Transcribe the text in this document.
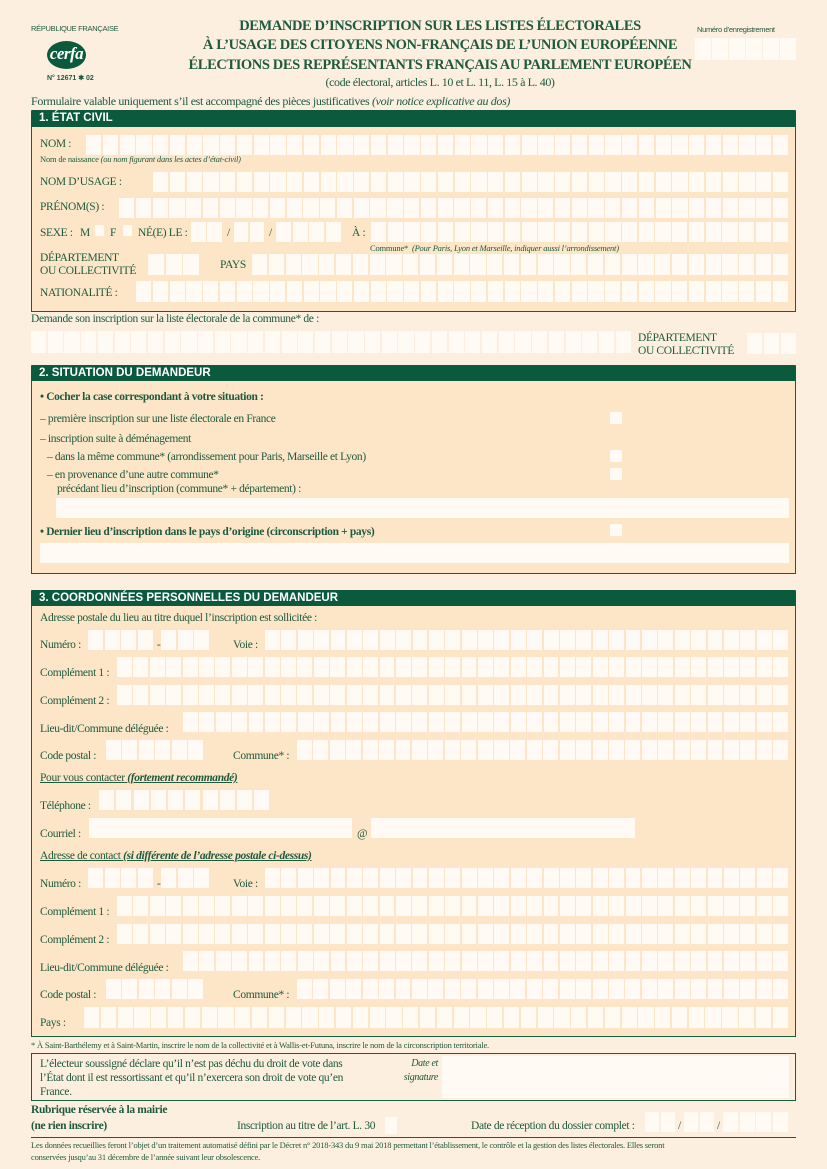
RÉPUBLIQUE FRANÇAISE
cerfa
N° 12671 ✱ 02
DEMANDE D’INSCRIPTION SUR LES LISTES ÉLECTORALES
À L’USAGE DES CITOYENS NON-FRANÇAIS DE L’UNION EUROPÉENNE
ÉLECTIONS DES REPRÉSENTANTS FRANÇAIS AU PARLEMENT EUROPÉEN
(code électoral, articles L. 10 et L. 11, L. 15 à L. 40)
Numéro d’enregistrement
Formulaire valable uniquement s’il est accompagné des pièces justificatives (voir notice explicative au dos)
1. ÉTAT CIVIL
NOM :
Nom de naissance (ou nom figurant dans les actes d’état-civil)
NOM D’USAGE :
PRÉNOM(S) :
SEXE : M F NÉ(E) LE :	/	/	À :
Commune* (Pour Paris, Lyon et Marseille, indiquer aussi l’arrondissement)
DÉPARTEMENT
OU COLLECTIVITÉ	PAYS
NATIONALITÉ :
Demande son inscription sur la liste électorale de la commune* de :
DÉPARTEMENT
OU COLLECTIVITÉ
2. SITUATION DU DEMANDEUR
• Cocher la case correspondant à votre situation :
– première inscription sur une liste électorale en France
– inscription suite à déménagement
– dans la même commune* (arrondissement pour Paris, Marseille et Lyon)
– en provenance d’une autre commune*
précédant lieu d’inscription (commune* + département) :
• Dernier lieu d’inscription dans le pays d’origine (circonscription + pays)
3. COORDONNÉES PERSONNELLES DU DEMANDEUR
Adresse postale du lieu au titre duquel l’inscription est sollicitée :
Numéro :	-	Voie :
Complément 1 :
Complément 2 :
Lieu-dit/Commune déléguée :
Code postal :	Commune* :
Pour vous contacter (fortement recommandé)
Téléphone :
Courriel :	@
Adresse de contact (si différente de l’adresse postale ci-dessus)
Numéro :	-	Voie :
Complément 1 :
Complément 2 :
Lieu-dit/Commune déléguée :
Code postal :	Commune* :
Pays :
* À Saint-Barthélemy et à Saint-Martin, inscrire le nom de la collectivité et à Wallis-et-Futuna, inscrire le nom de la circonscription territoriale.
L’électeur soussigné déclare qu’il n’est pas déchu du droit de vote dans
l’État dont il est ressortissant et qu’il n’exercera son droit de vote qu’en
France.
Date et
signature
Rubrique réservée à la mairie
(ne rien inscrire)	Inscription au titre de l’art. L. 30	Date de réception du dossier complet :	/	/
Les données recueillies feront l’objet d’un traitement automatisé défini par le Décret n° 2018-343 du 9 mai 2018 permettant l’établissement, le contrôle et la gestion des listes électorales. Elles seront
conservées jusqu’au 31 décembre de l’année suivant leur obsolescence.
